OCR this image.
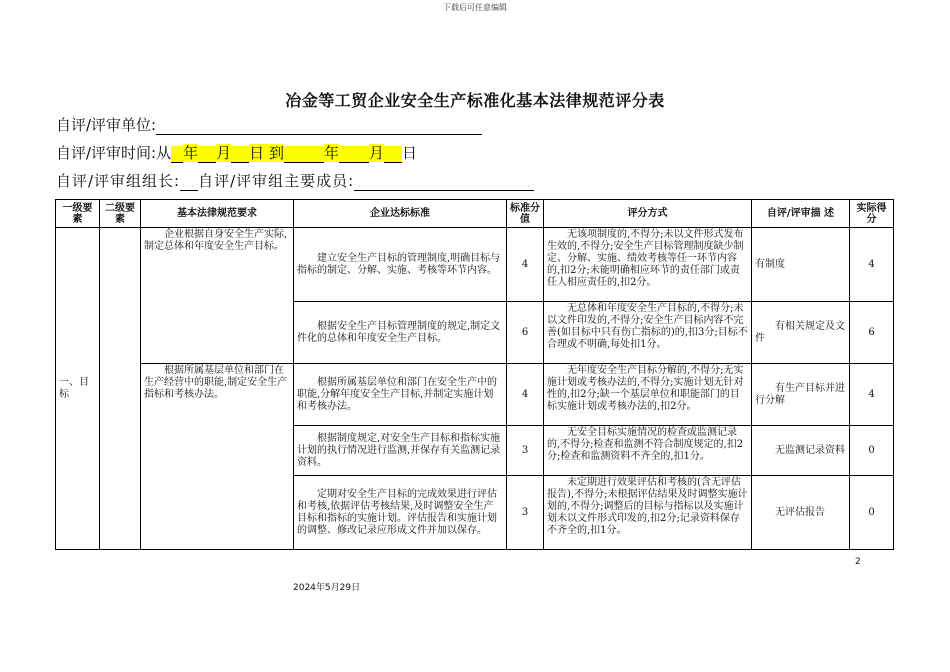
下载后可任意编辑
冶金等工贸企业安全生产标准化基本法律规范评分表
自评/评审单位:
自评/评审时间:从 年 月 日 到	年 月 日
自评/评审组组长: 自评/评审组主要成员:
一级要素	二级要素	基本法律规范要求	企业达标标准	标准分值	评分方式	自评/评审描 述	实际得分
一、目标		企业根据自身安全生产实际,制定总体和年度安全生产目标。	建立安全生产目标的管理制度,明确目标与指标的制定、分解、实施、考核等环节内容。	4	无该项制度的,不得分;未以文件形式发布生效的,不得分;安全生产目标管理制度缺少制定、分解、实施、绩效考核等任一环节内容的,扣2分;未能明确相应环节的责任部门或责任人相应责任的,扣2分。	有制度	4
			根据安全生产目标管理制度的规定,制定文件化的总体和年度安全生产目标。	6	无总体和年度安全生产目标的,不得分;未以文件印发的,不得分;安全生产目标内容不完善(如目标中只有伤亡指标的)的,扣3分;目标不合理或不明确,每处扣1分。	有相关规定及文件	6
		根据所属基层单位和部门在生产经营中的职能,制定安全生产指标和考核办法。	根据所属基层单位和部门在安全生产中的职能,分解年度安全生产目标,并制定实施计划和考核办法。	4	无年度安全生产目标分解的,不得分;无实施计划或考核办法的,不得分;实施计划无针对性的,扣2分;缺一个基层单位和职能部门的目标实施计划或考核办法的,扣2分。	有生产目标并进行分解	4
			根据制度规定,对安全生产目标和指标实施计划的执行情况进行监测,并保存有关监测记录资料。	3	无安全目标实施情况的检查或监测记录的,不得分;检查和监测不符合制度规定的,扣2分;检查和监测资料不齐全的,扣1分。	无监测记录资料	0
			定期对安全生产目标的完成效果进行评估和考核,依据评估考核结果,及时调整安全生产目标和指标的实施计划。评估报告和实施计划的调整、修改记录应形成文件并加以保存。	3	未定期进行效果评估和考核的(含无评估报告),不得分;未根据评估结果及时调整实施计划的,不得分;调整后的目标与指标以及实施计划未以文件形式印发的,扣2分;记录资料保存不齐全的,扣1分。	无评估报告	0
2
2024年5月29日
